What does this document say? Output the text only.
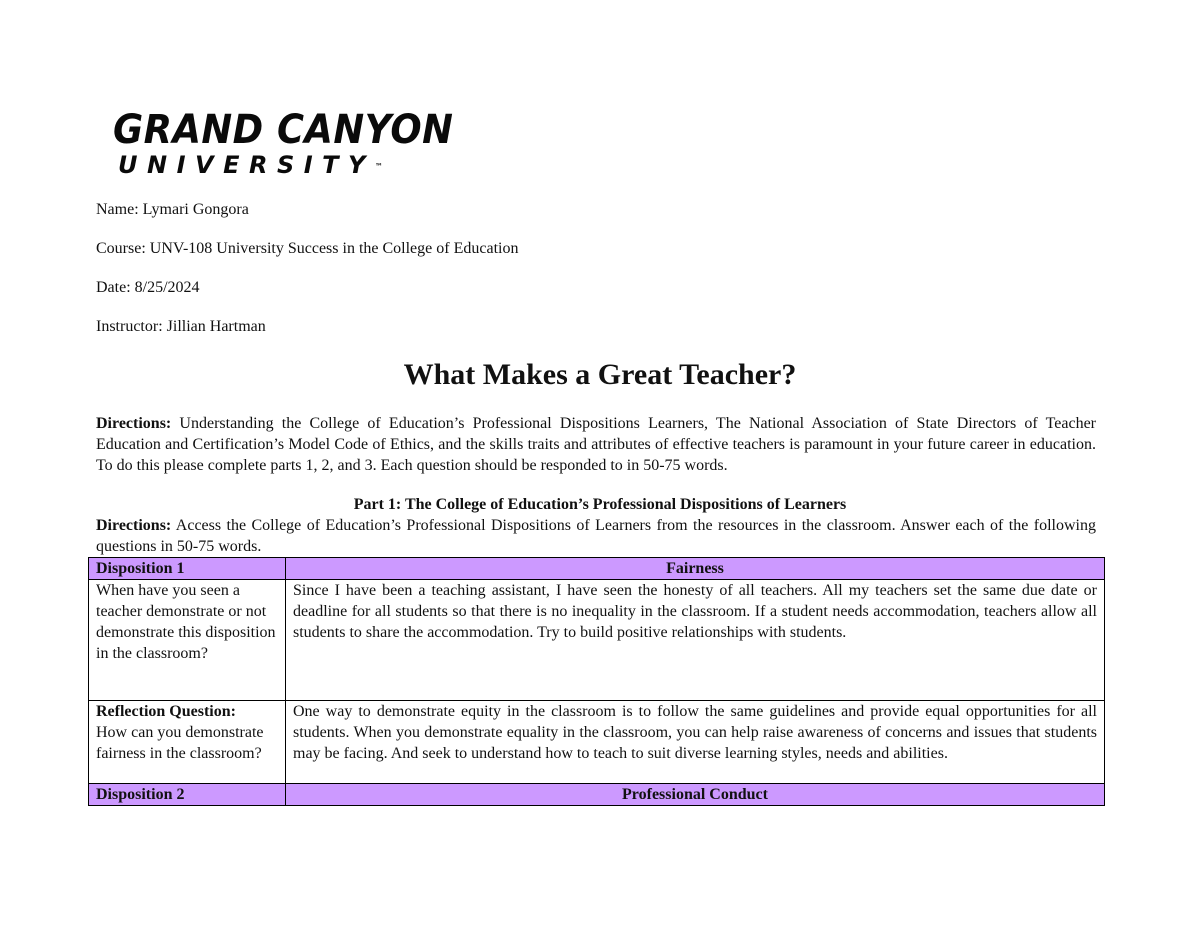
GRAND CANYON
UNIVERSITY™
Name: Lymari Gongora
Course: UNV-108 University Success in the College of Education
Date: 8/25/2024
Instructor: Jillian Hartman
What Makes a Great Teacher?
Directions: Understanding the College of Education’s Professional Dispositions Learners, The National Association of State Directors of Teacher Education and Certification’s Model Code of Ethics, and the skills traits and attributes of effective teachers is paramount in your future career in education. To do this please complete parts 1, 2, and 3. Each question should be responded to in 50-75 words.
Part 1: The College of Education’s Professional Dispositions of Learners
Directions: Access the College of Education’s Professional Dispositions of Learners from the resources in the classroom. Answer each of the following questions in 50-75 words.
Disposition 1	Fairness
When have you seen a teacher demonstrate or not demonstrate this disposition in the classroom?	Since I have been a teaching assistant, I have seen the honesty of all teachers. All my teachers set the same due date or deadline for all students so that there is no inequality in the classroom. If a student needs accommodation, teachers allow all students to share the accommodation. Try to build positive relationships with students.
Reflection Question:
How can you demonstrate fairness in the classroom?	One way to demonstrate equity in the classroom is to follow the same guidelines and provide equal opportunities for all students. When you demonstrate equality in the classroom, you can help raise awareness of concerns and issues that students may be facing. And seek to understand how to teach to suit diverse learning styles, needs and abilities.
Disposition 2	Professional Conduct
